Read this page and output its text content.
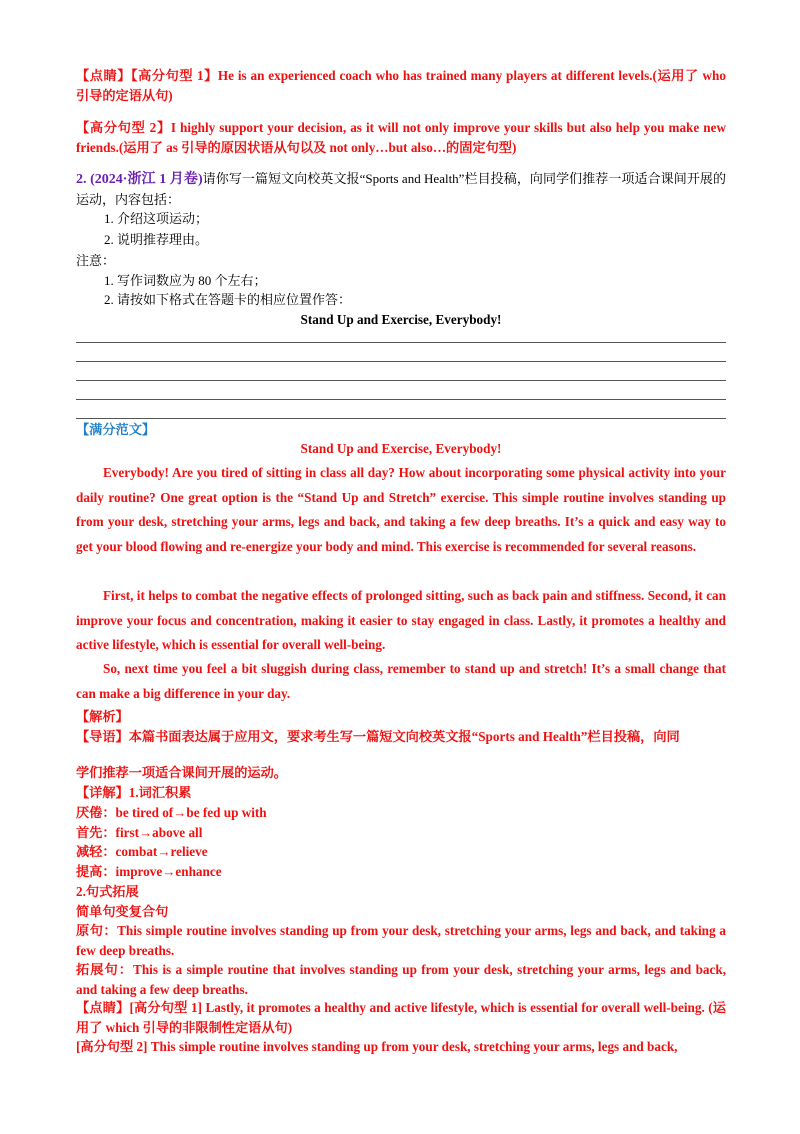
【点睛】【高分句型 1】He is an experienced coach who has trained many players at different levels.(运用了 who 引导的定语从句)

【高分句型 2】I highly support your decision, as it will not only improve your skills but also help you make new friends.(运用了 as 引导的原因状语从句以及 not only…but also…的固定句型)

2. (2024·浙江 1 月卷)请你写一篇短文向校英文报“Sports and Health”栏目投稿，向同学们推荐一项适合课间开展的运动，内容包括：

1. 介绍这项运动；

2. 说明推荐理由。

注意：

1. 写作词数应为 80 个左右；

2. 请按如下格式在答题卡的相应位置作答：

Stand Up and Exercise, Everybody!

【满分范文】

Stand Up and Exercise, Everybody!

Everybody! Are you tired of sitting in class all day? How about incorporating some physical activity into your daily routine? One great option is the “Stand Up and Stretch” exercise. This simple routine involves standing up from your desk, stretching your arms, legs and back, and taking a few deep breaths. It’s a quick and easy way to get your blood flowing and re-energize your body and mind. This exercise is recommended for several reasons.

First, it helps to combat the negative effects of prolonged sitting, such as back pain and stiffness. Second, it can improve your focus and concentration, making it easier to stay engaged in class. Lastly, it promotes a healthy and active lifestyle, which is essential for overall well-being.

So, next time you feel a bit sluggish during class, remember to stand up and stretch! It’s a small change that can make a big difference in your day.

【解析】

【导语】本篇书面表达属于应用文，要求考生写一篇短文向校英文报“Sports and Health”栏目投稿，向同

学们推荐一项适合课间开展的运动。

【详解】1.词汇积累

厌倦：be tired of→be fed up with

首先：first→above all

减轻：combat→relieve

提高：improve→enhance

2.句式拓展

简单句变复合句

原句：This simple routine involves standing up from your desk, stretching your arms, legs and back, and taking a few deep breaths.

拓展句：This is a simple routine that involves standing up from your desk, stretching your arms, legs and back, and taking a few deep breaths.

【点睛】[高分句型 1] Lastly, it promotes a healthy and active lifestyle, which is essential for overall well-being. (运用了 which 引导的非限制性定语从句)

[高分句型 2] This simple routine involves standing up from your desk, stretching your arms, legs and back,
